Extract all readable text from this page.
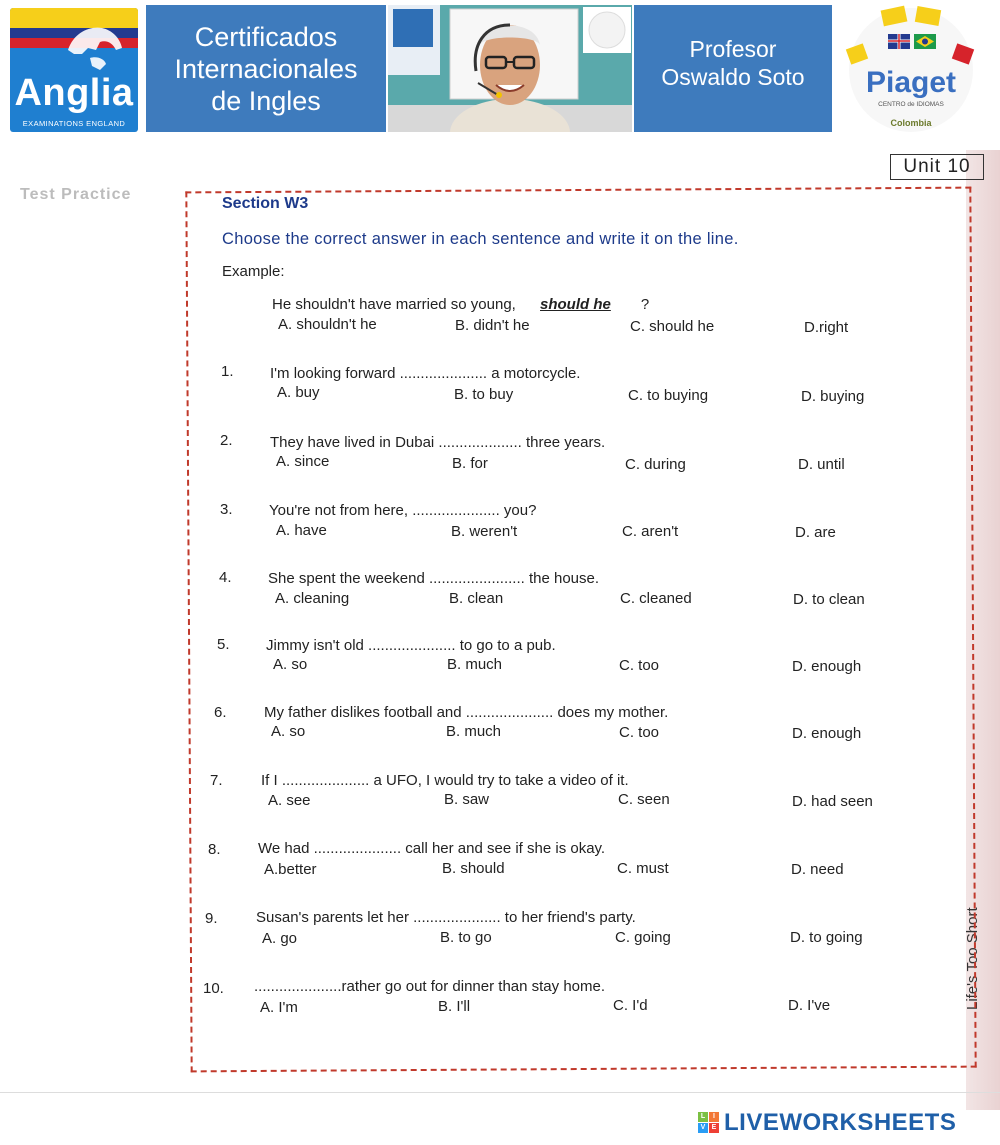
Anglia
EXAMINATIONS ENGLAND
Certificados
Internacionales
de Ingles
Profesor
Oswaldo Soto	Piaget
CENTRO de IDIOMAS
Colombia
Life's Too Short
Unit 10
Test Practice
Section W3
Choose the correct answer in each sentence and write it on the line.
Example:
He shouldn't have married so young, should he ?
A. shouldn't he	B. didn't he	C. should he	D.right
1. I'm looking forward ..................... a motorcycle.
A. buy	B. to buy	C. to buying	D. buying
2. They have lived in Dubai .................... three years.
A. since	B. for	C. during	D. until
3. You're not from here, ..................... you?
A. have	B. weren't	C. aren't	D. are
4. She spent the weekend ....................... the house.
A. cleaning	B. clean	C. cleaned	D. to clean
5. Jimmy isn't old ..................... to go to a pub.
A. so	B. much	C. too	D. enough
6. My father dislikes football and ..................... does my mother.
A. so	B. much	C. too	D. enough
7.	If I ..................... a UFO, I would try to take a video of it.
A. see	B. saw	C. seen	D. had seen
8. We had ..................... call her and see if she is okay.
A.better	B. should	C. must	D. need
9.	Susan's parents let her ..................... to her friend's party.
A. go	B. to go	C. going	D. to going
10. .....................rather go out for dinner than stay home.
A. I'm	B. I'll	C. I'd	D. I've
L	I
V E LIVEWORKSHEETS
